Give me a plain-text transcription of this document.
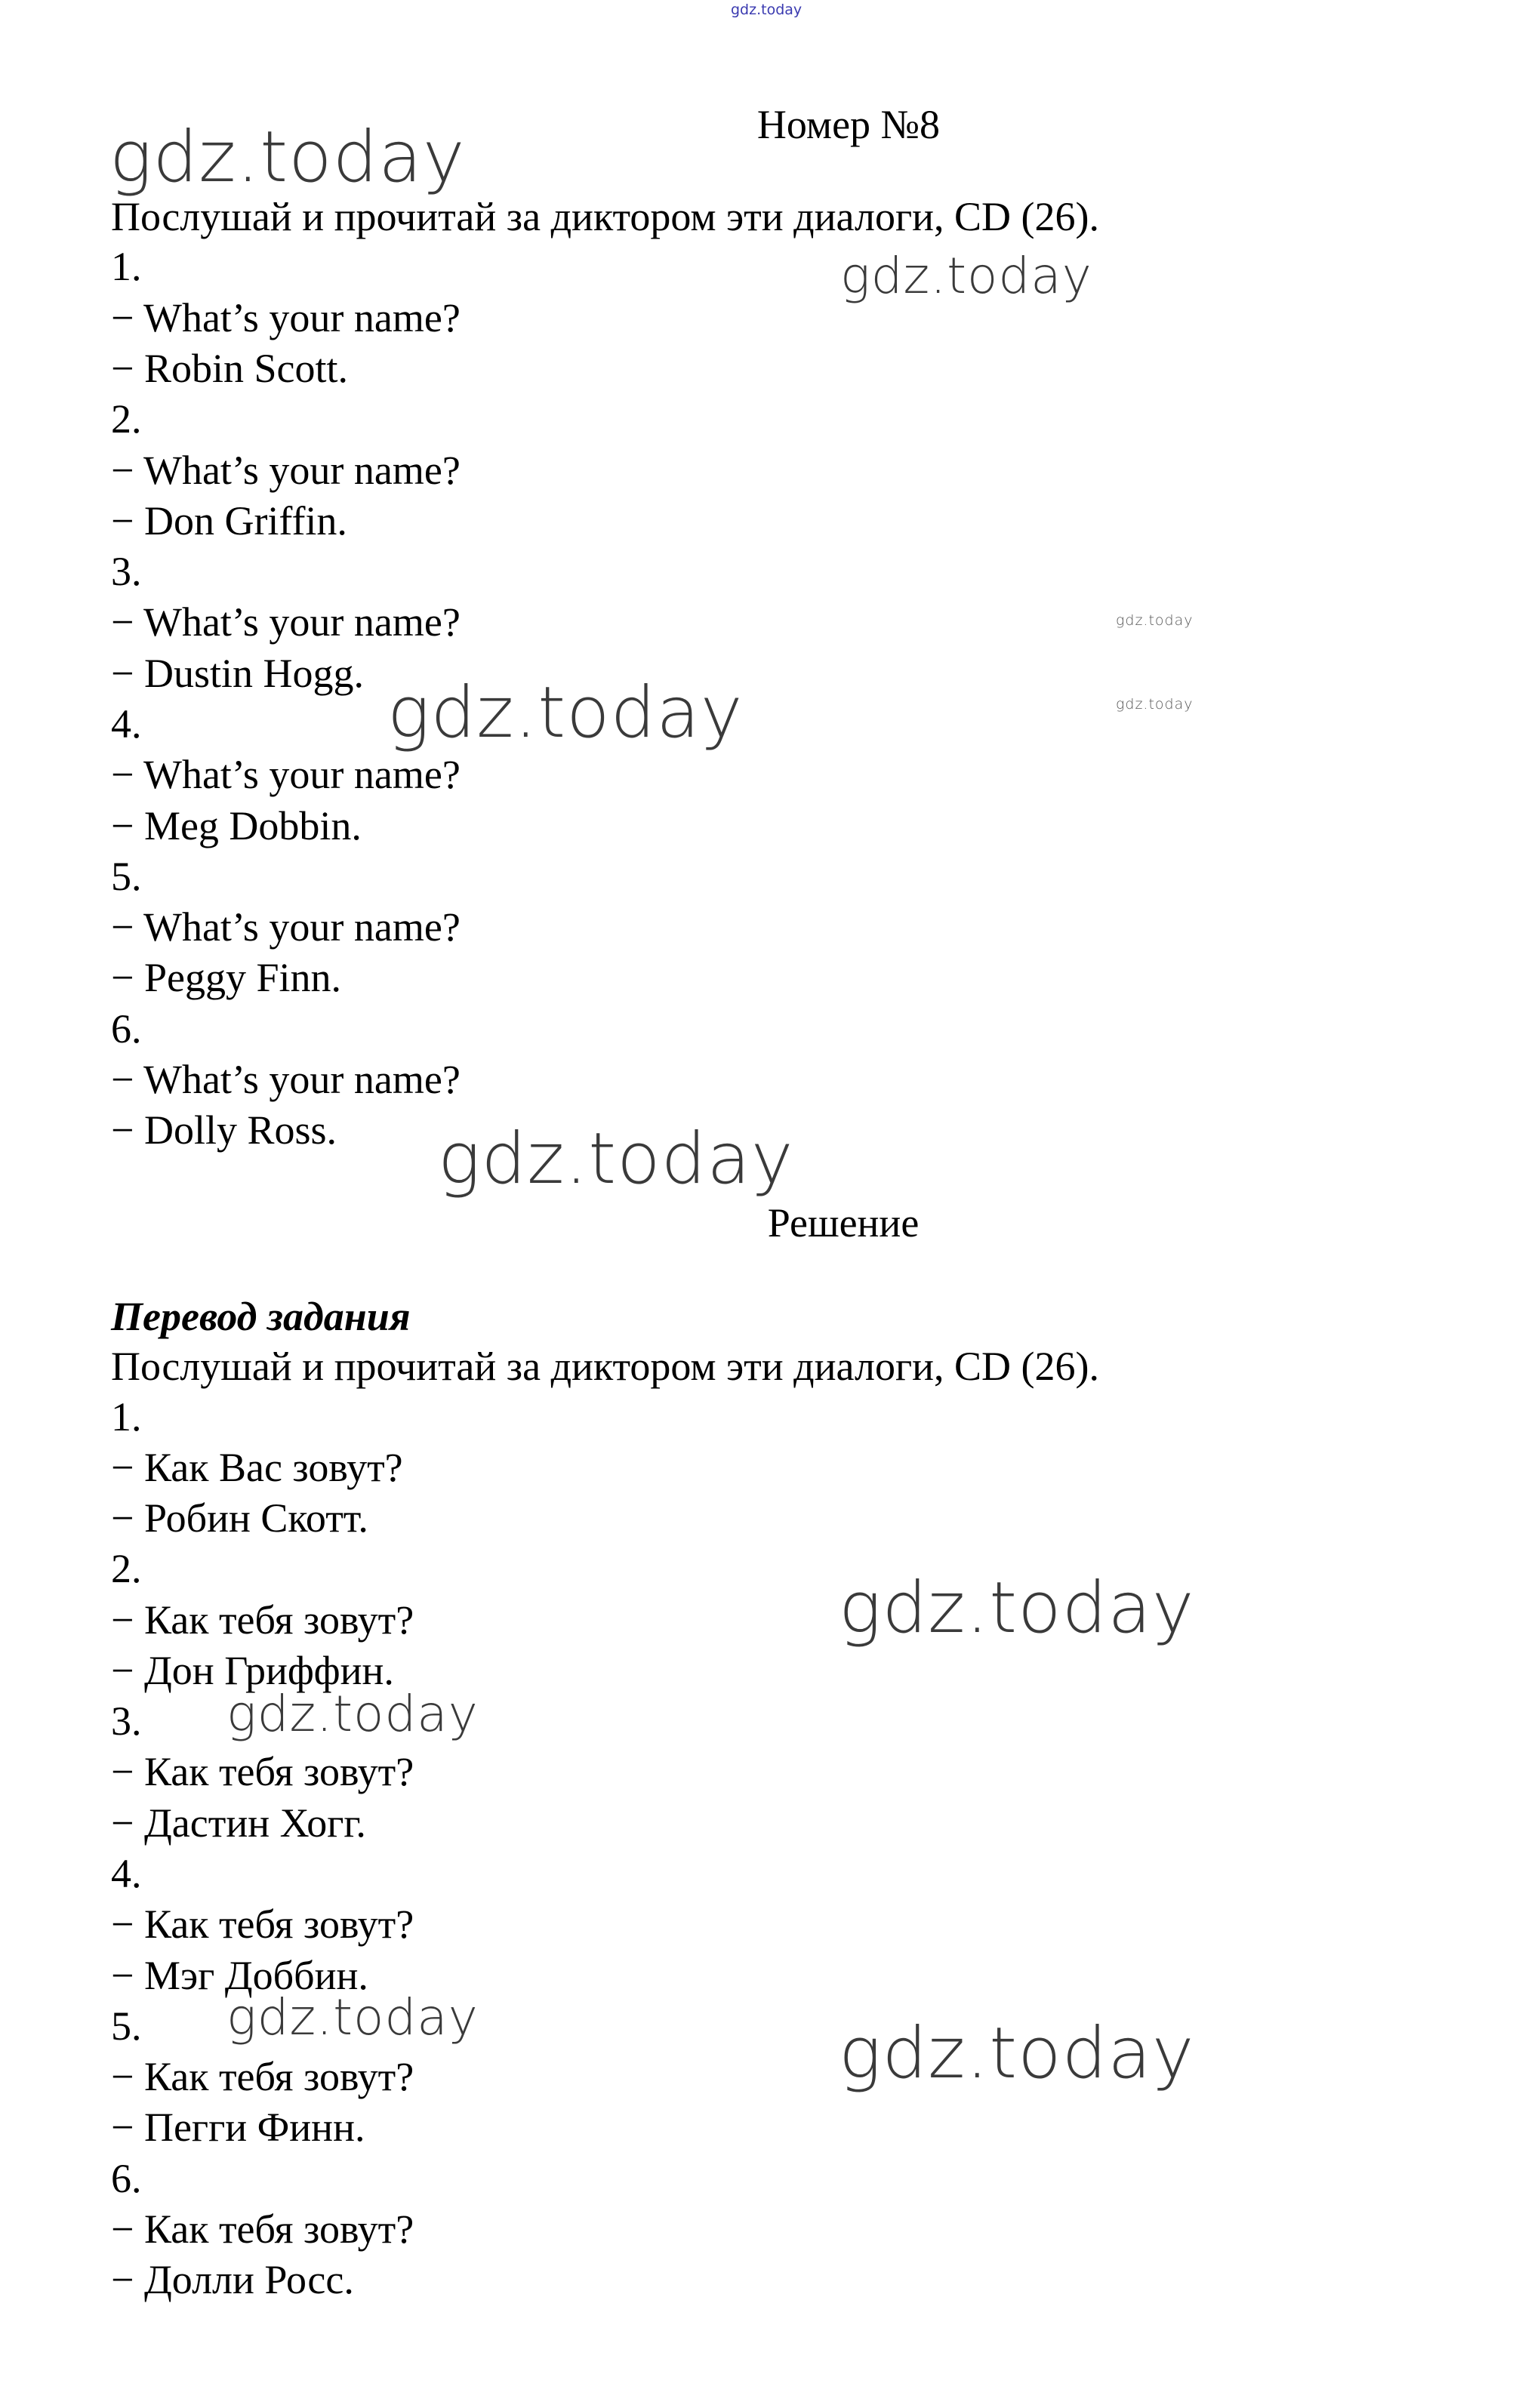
gdz.today
Номер №8
Послушай и прочитай за диктором эти диалоги, CD (26).
1.
− What’s your name?
− Robin Scott.
2.
− What’s your name?
− Don Griffin.
3.
− What’s your name?
− Dustin Hogg.
4.
− What’s your name?
− Meg Dobbin.
5.
− What’s your name?
− Peggy Finn.
6.
− What’s your name?
− Dolly Ross.
Решение
Перевод задания
Послушай и прочитай за диктором эти диалоги, CD (26).
1.
− Как Вас зовут?
− Робин Скотт.
2.
− Как тебя зовут?
− Дон Гриффин.
3.
− Как тебя зовут?
− Дастин Хогг.
4.
− Как тебя зовут?
− Мэг Доббин.
5.
− Как тебя зовут?
− Пегги Финн.
6.
− Как тебя зовут?
− Долли Росс.
gdz.today
gdz.today
gdz.today
gdz.today
gdz.today
gdz.today
gdz.today
gdz.today
gdz.today	gdz.today
